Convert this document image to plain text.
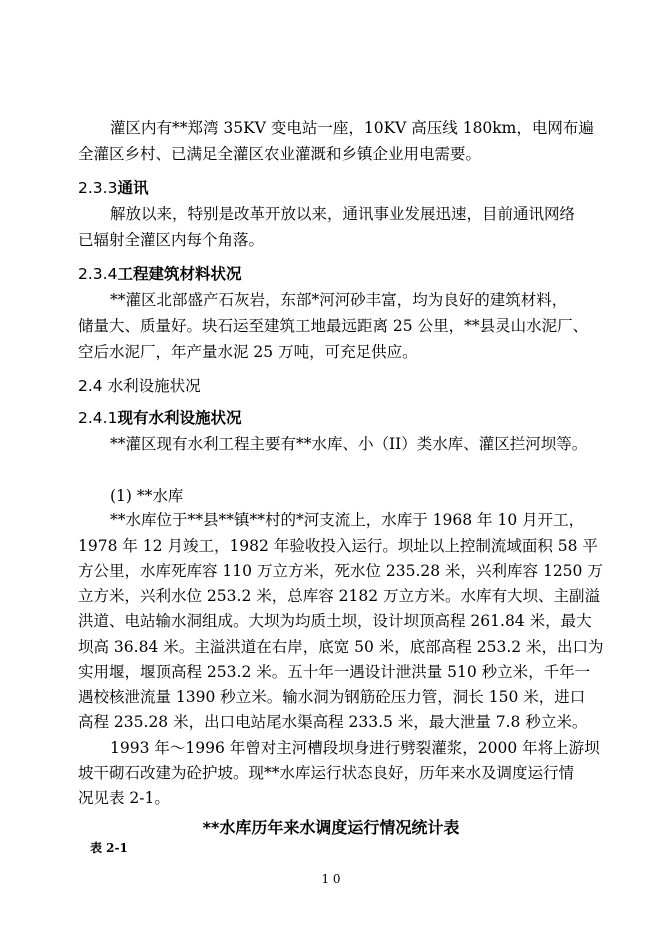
灌区内有**郑湾 35KV 变电站一座，10KV 高压线 180km，电网布遍
全灌区乡村、已满足全灌区农业灌溉和乡镇企业用电需要。
2.3.3通讯
解放以来，特别是改革开放以来，通讯事业发展迅速，目前通讯网络
已辐射全灌区内每个角落。
2.3.4工程建筑材料状况
**灌区北部盛产石灰岩，东部*河河砂丰富，均为良好的建筑材料，
储量大、质量好。块石运至建筑工地最远距离 25 公里，**县灵山水泥厂、
空后水泥厂，年产量水泥 25 万吨，可充足供应。
2.4 水利设施状况
2.4.1现有水利设施状况
**灌区现有水利工程主要有**水库、小（II）类水库、灌区拦河坝等。
(1) **水库
**水库位于**县**镇**村的*河支流上，水库于 1968 年 10 月开工，
1978 年 12 月竣工，1982 年验收投入运行。坝址以上控制流域面积 58 平
方公里，水库死库容 110 万立方米，死水位 235.28 米，兴利库容 1250 万
立方米，兴利水位 253.2 米，总库容 2182 万立方米。水库有大坝、主副溢
洪道、电站输水洞组成。大坝为均质土坝，设计坝顶高程 261.84 米，最大
坝高 36.84 米。主溢洪道在右岸，底宽 50 米，底部高程 253.2 米，出口为
实用堰，堰顶高程 253.2 米。五十年一遇设计泄洪量 510 秒立米，千年一
遇校核泄流量 1390 秒立米。输水洞为钢筋砼压力管，洞长 150 米，进口
高程 235.28 米，出口电站尾水渠高程 233.5 米，最大泄量 7.8 秒立米。
1993 年～1996 年曾对主河槽段坝身进行劈裂灌浆，2000 年将上游坝
坡干砌石改建为砼护坡。现**水库运行状态良好，历年来水及调度运行情
况见表 2-1。
**水库历年来水调度运行情况统计表
表 2-1
1 0
